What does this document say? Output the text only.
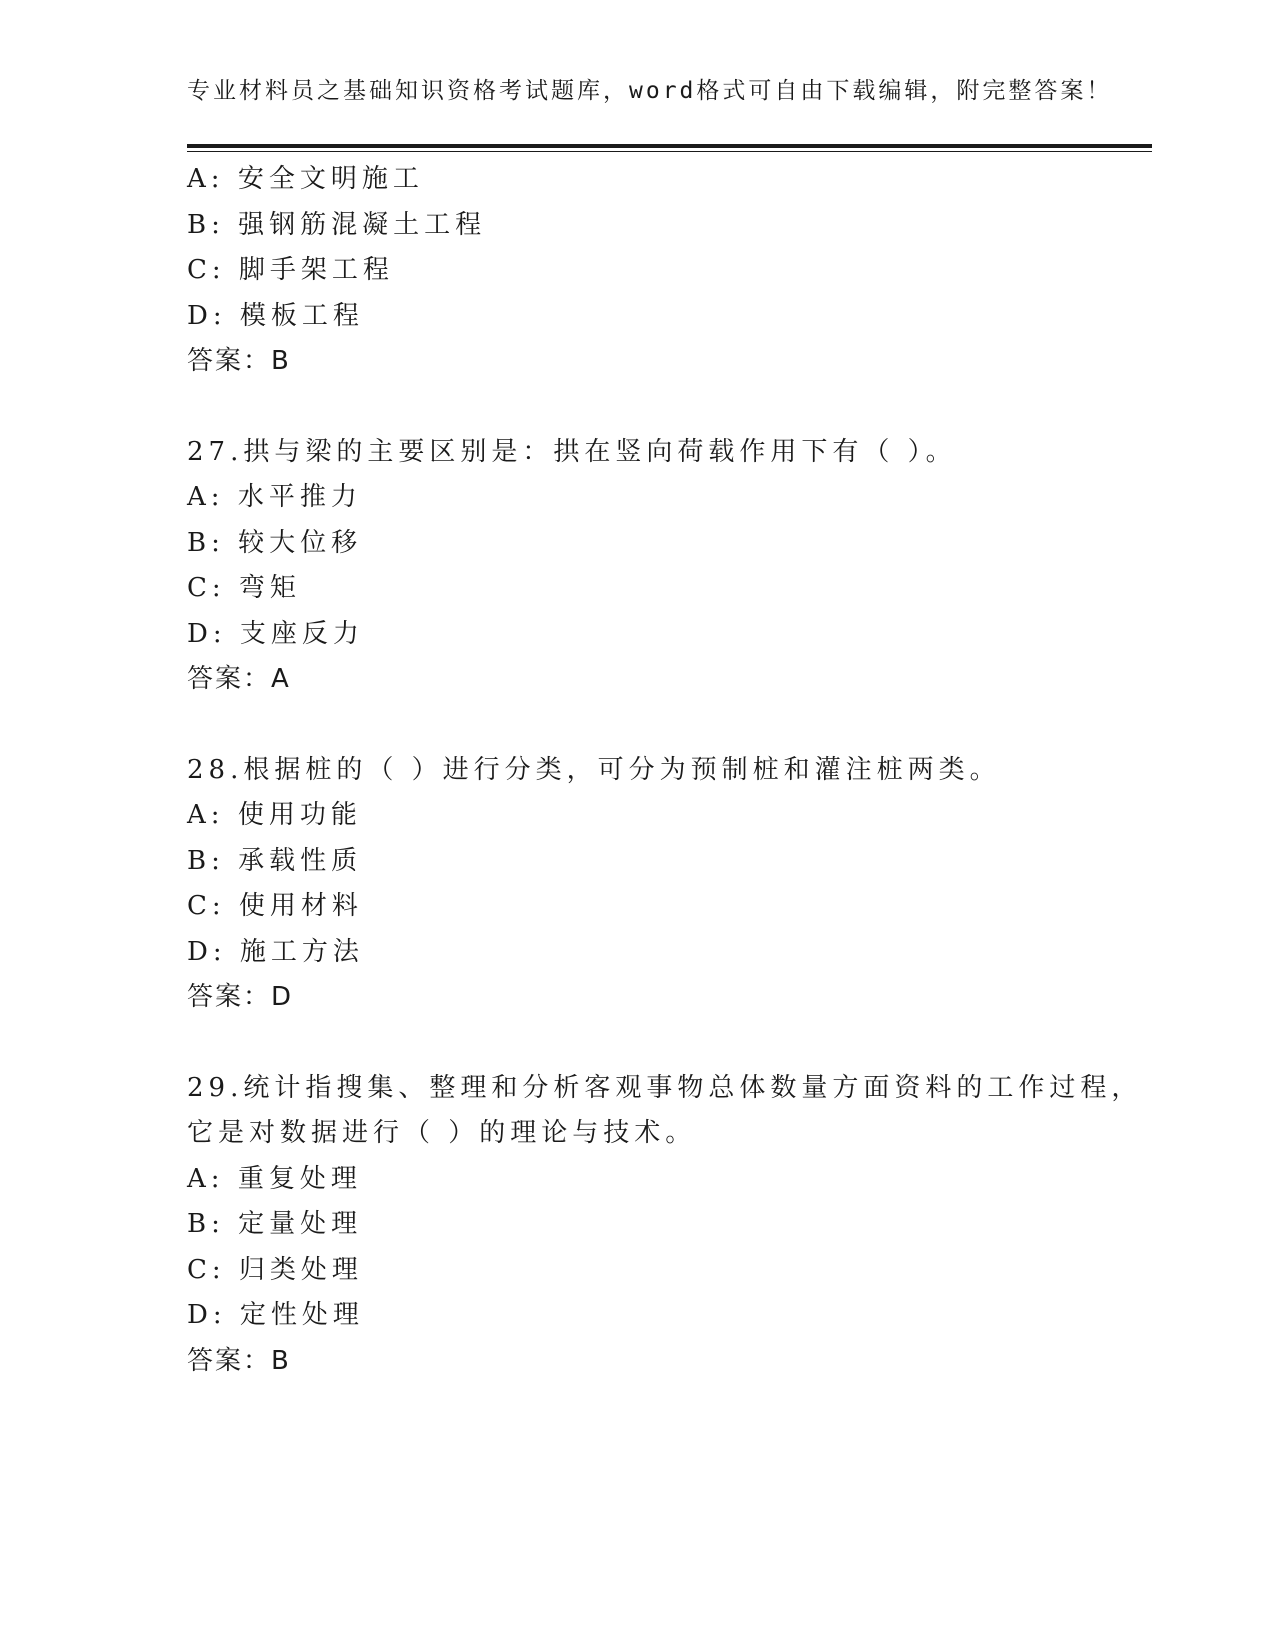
专业材料员之基础知识资格考试题库，word格式可自由下载编辑，附完整答案！
A: 安全文明施工
B: 强钢筋混凝土工程
C: 脚手架工程
D: 模板工程
答案：B
27.拱与梁的主要区别是：拱在竖向荷载作用下有（ ）。
A: 水平推力
B: 较大位移
C: 弯矩
D: 支座反力
答案：A
28.根据桩的（ ）进行分类，可分为预制桩和灌注桩两类。
A: 使用功能
B: 承载性质
C: 使用材料
D: 施工方法
答案：D
29.统计指搜集、整理和分析客观事物总体数量方面资料的工作过程，
它是对数据进行（ ）的理论与技术。
A: 重复处理
B: 定量处理
C: 归类处理
D: 定性处理
答案：B
